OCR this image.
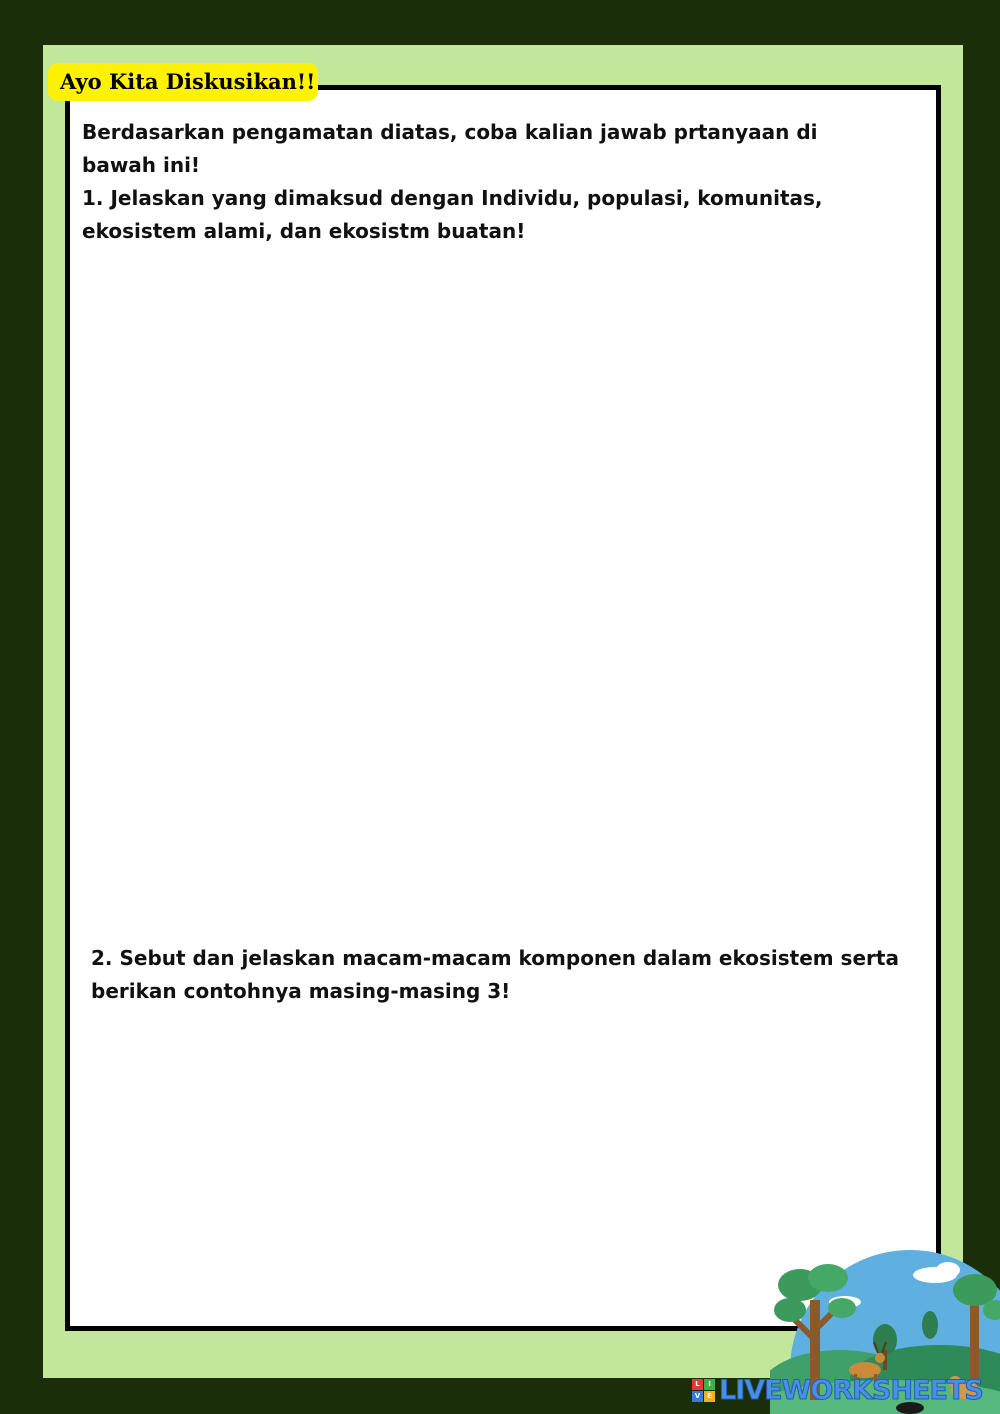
Ayo Kita Diskusikan!!

Berdasarkan pengamatan diatas, coba kalian jawab prtanyaan di bawah ini!

1. Jelaskan yang dimaksud dengan Individu, populasi, komunitas, ekosistem alami, dan ekosistm buatan!

2. Sebut dan jelaskan macam-macam komponen dalam ekosistem serta berikan contohnya masing-masing 3!

L	I
V E LIVEWORKSHEETS
